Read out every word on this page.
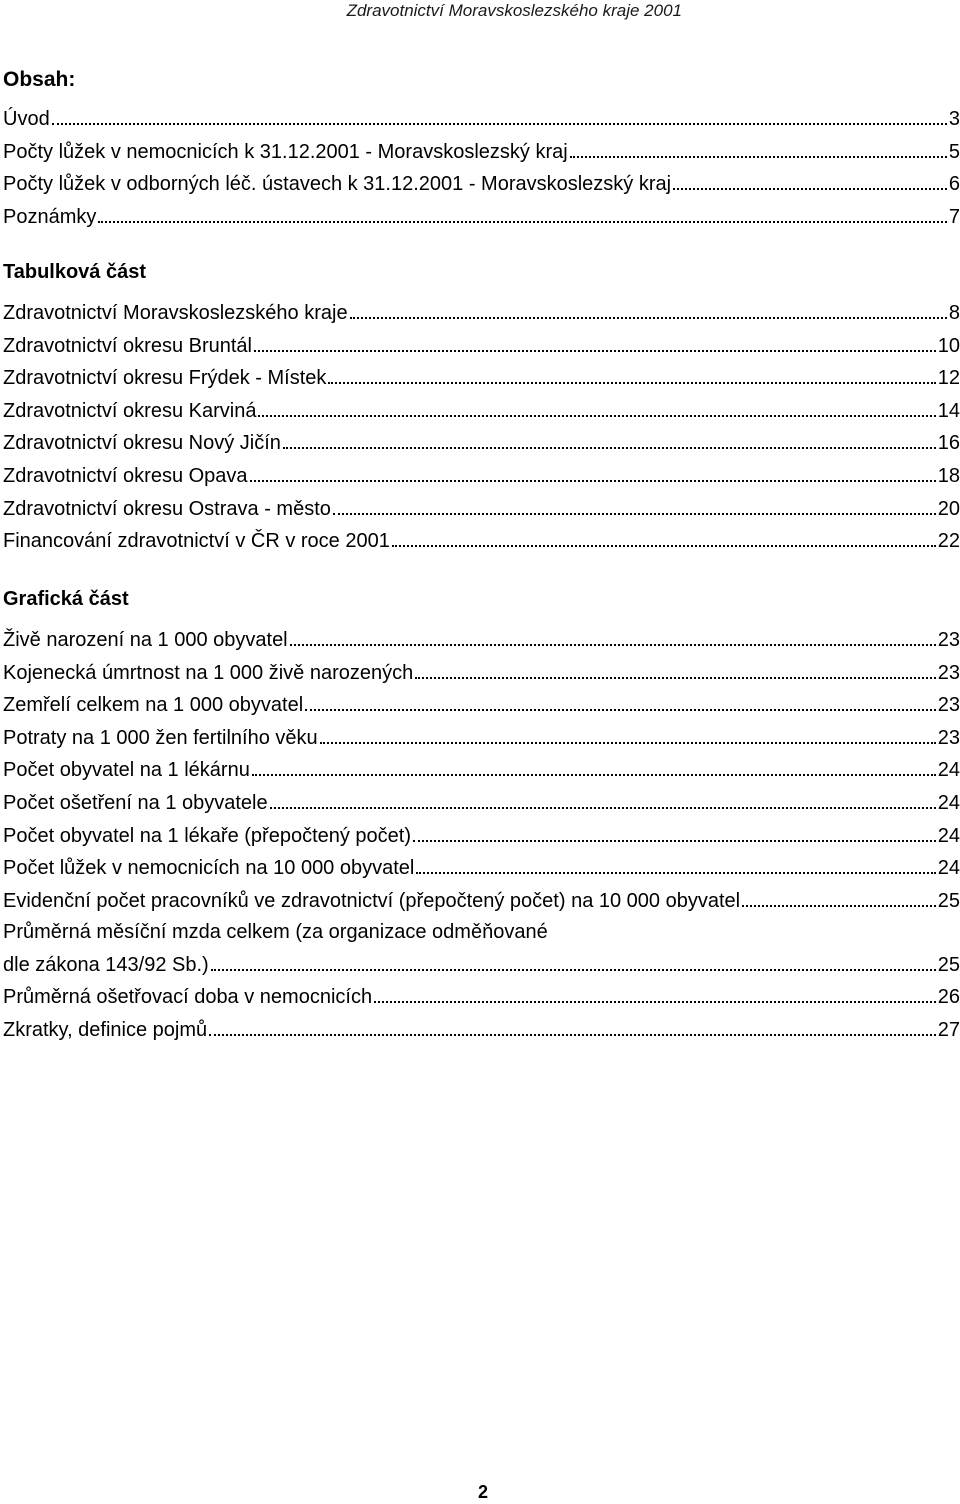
Zdravotnictví Moravskoslezského kraje 2001
Obsah:
Úvod	3
Počty lůžek v nemocnicích k 31.12.2001 - Moravskoslezský kraj	5
Počty lůžek v odborných léč. ústavech k 31.12.2001 - Moravskoslezský kraj	6
Poznámky	7
Tabulková část
Zdravotnictví Moravskoslezského kraje	8
Zdravotnictví okresu Bruntál	10
Zdravotnictví okresu Frýdek - Místek	12
Zdravotnictví okresu Karviná	14
Zdravotnictví okresu Nový Jičín	16
Zdravotnictví okresu Opava	18
Zdravotnictví okresu Ostrava - město	20
Financování zdravotnictví v ČR v roce 2001	22
Grafická část
Živě narození na 1 000 obyvatel	23
Kojenecká úmrtnost na 1 000 živě narozených	23
Zemřelí celkem na 1 000 obyvatel	23
Potraty na 1 000 žen fertilního věku	23
Počet obyvatel na 1 lékárnu	24
Počet ošetření na 1 obyvatele	24
Počet obyvatel na 1 lékaře (přepočtený počet)	24
Počet lůžek v nemocnicích na 10 000 obyvatel	24
Evidenční počet pracovníků ve zdravotnictví (přepočtený počet) na 10 000 obyvatel	25
Průměrná měsíční mzda celkem (za organizace odměňované
dle zákona 143/92 Sb.)	25
Průměrná ošetřovací doba v nemocnicích	26
Zkratky, definice pojmů	27
2
